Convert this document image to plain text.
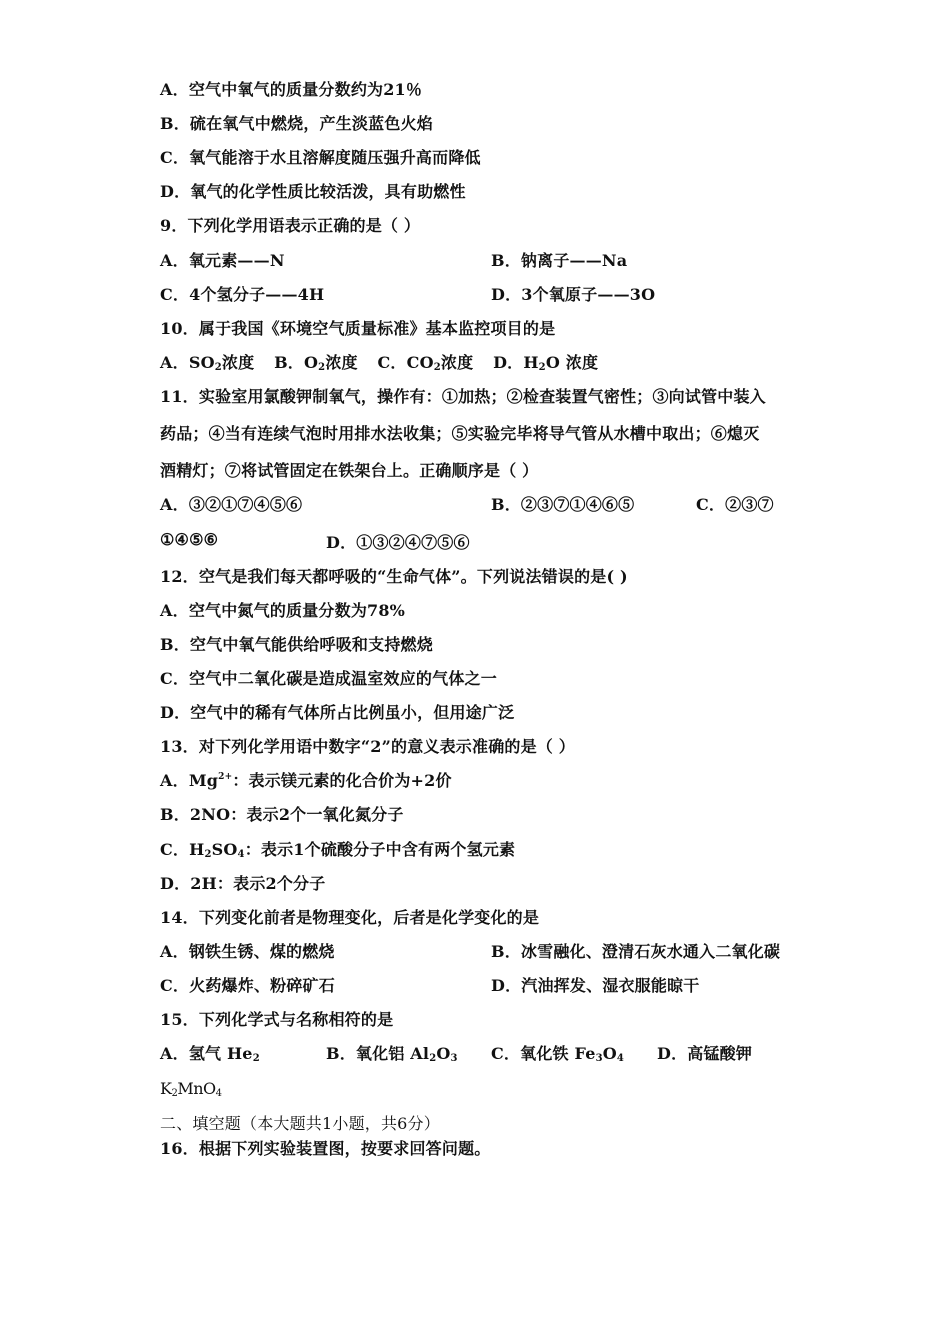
A．空气中氧气的质量分数约为21％
B．硫在氧气中燃烧，产生淡蓝色火焰
C．氧气能溶于水且溶解度随压强升高而降低
D．氧气的化学性质比较活泼，具有助燃性
9．下列化学用语表示正确的是（ ）
A．氧元素——N	B．钠离子——Na
C．4个氢分子——4H	D．3个氧原子——3O
10．属于我国《环境空气质量标准》基本监控项目的是
A．$SO_2$浓度 B．$O_2$浓度 C．$CO_2$浓度 D．$H_2O$ 浓度
11．实验室用氯酸钾制氧气，操作有：①加热；②检查装置气密性；③向试管中装入
药品；④当有连续气泡时用排水法收集；⑤实验完毕将导气管从水槽中取出；⑥熄灭
酒精灯；⑦将试管固定在铁架台上。正确顺序是（ ）
A．③②①⑦④⑤⑥	B．②③⑦①④⑥⑤	C．②③⑦
①④⑤⑥	D．①③②④⑦⑤⑥
12．空气是我们每天都呼吸的“生命气体”。下列说法错误的是( )
A．空气中氮气的质量分数为78%
B．空气中氧气能供给呼吸和支持燃烧
C．空气中二氧化碳是造成温室效应的气体之一
D．空气中的稀有气体所占比例虽小，但用途广泛
13．对下列化学用语中数字“2”的意义表示准确的是（ ）
A．$Mg^{2+}$：表示镁元素的化合价为+2价
B．2NO：表示2个一氧化氮分子
C．$H_2SO_4$：表示1个硫酸分子中含有两个氢元素
D．2H：表示2个分子
14．下列变化前者是物理变化，后者是化学变化的是
A．钢铁生锈、煤的燃烧	B．冰雪融化、澄清石灰水通入二氧化碳
C．火药爆炸、粉碎矿石	D．汽油挥发、湿衣服能晾干
15．下列化学式与名称相符的是
A．氢气 $He_2$	B．氧化铝 $Al_2O_3$ C．氧化铁 $Fe_3O_4$ D．高锰酸钾
$K_2MnO_4$
二、填空题（本大题共1小题，共6分）
16．根据下列实验装置图，按要求回答问题。
